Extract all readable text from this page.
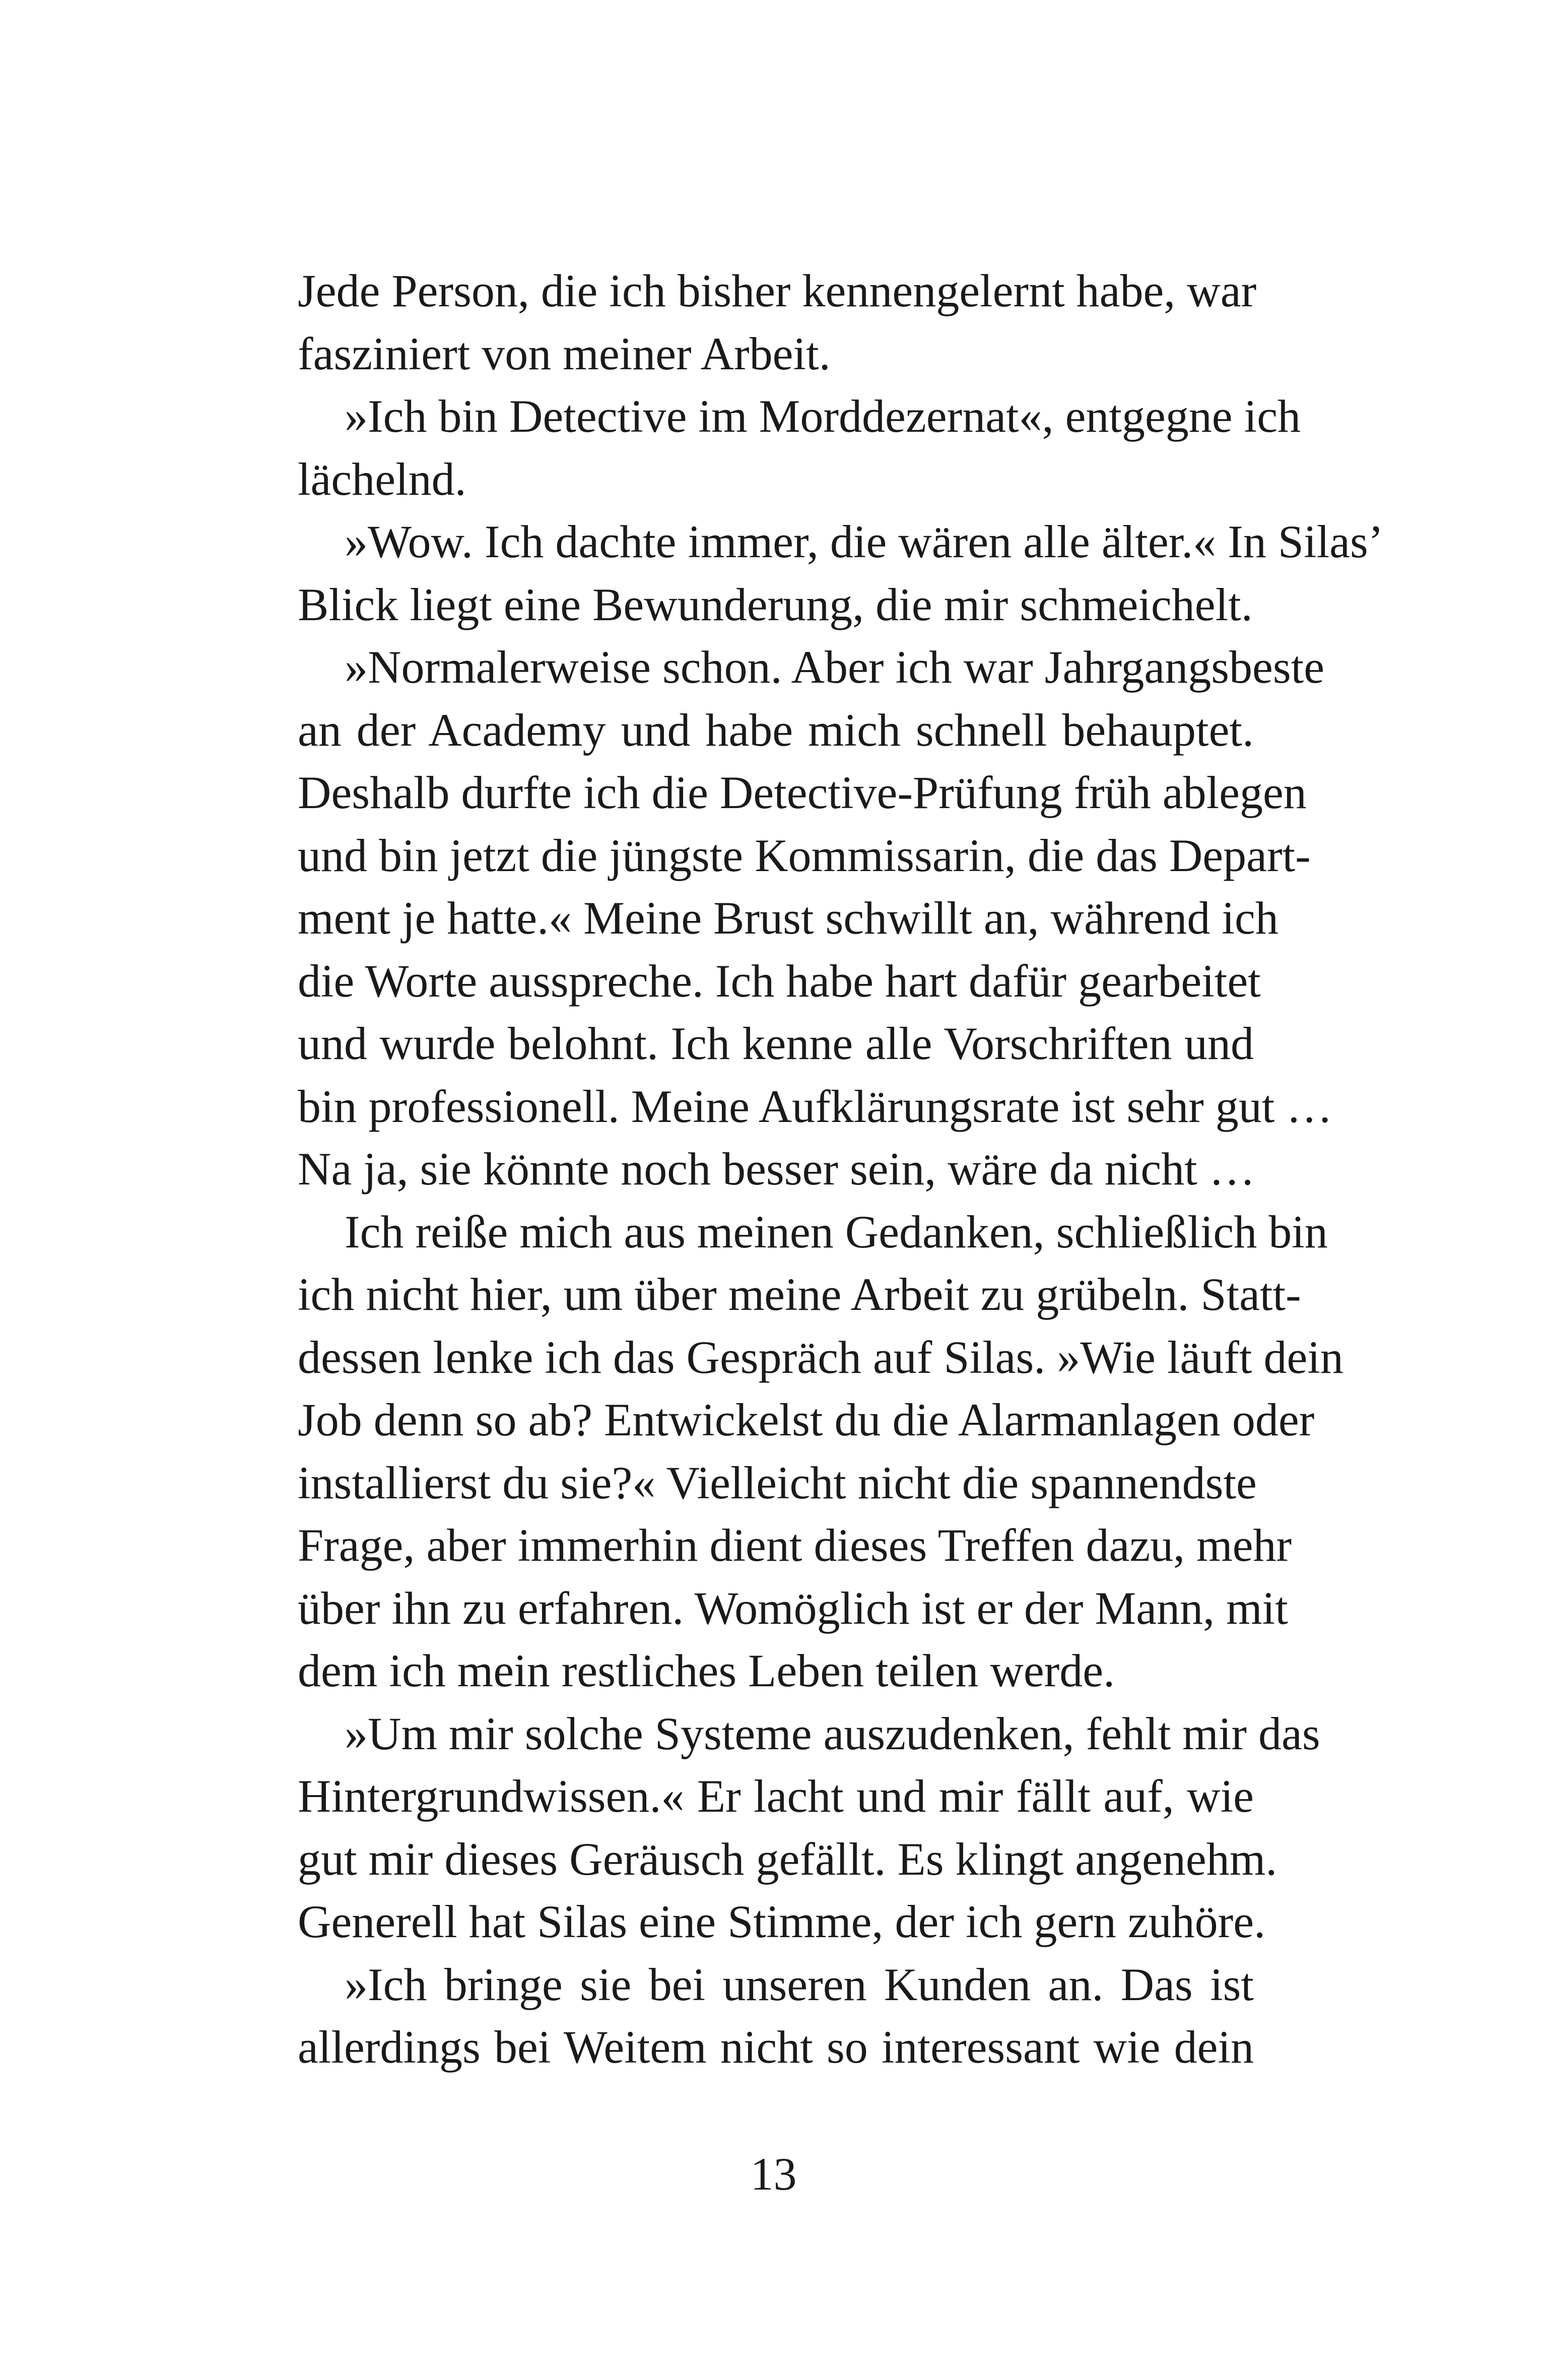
Jede Person, die ich bisher kennengelernt habe, war
fasziniert von meiner Arbeit.
»Ich bin Detective im Morddezernat«, entgegne ich
lächelnd.
»Wow. Ich dachte immer, die wären alle älter.« In Silas’
Blick liegt eine Bewunderung, die mir schmeichelt.
»Normalerweise schon. Aber ich war Jahrgangsbeste
an der Academy und habe mich schnell behauptet.
Deshalb durfte ich die Detective-Prüfung früh ablegen
und bin jetzt die jüngste Kommissarin, die das Depart-
ment je hatte.« Meine Brust schwillt an, während ich
die Worte ausspreche. Ich habe hart dafür gearbeitet
und wurde belohnt. Ich kenne alle Vorschriften und
bin professionell. Meine Aufklärungsrate ist sehr gut …
Na ja, sie könnte noch besser sein, wäre da nicht …
Ich reiße mich aus meinen Gedanken, schließlich bin
ich nicht hier, um über meine Arbeit zu grübeln. Statt-
dessen lenke ich das Gespräch auf Silas. »Wie läuft dein
Job denn so ab? Entwickelst du die Alarmanlagen oder
installierst du sie?« Vielleicht nicht die spannendste
Frage, aber immerhin dient dieses Treffen dazu, mehr
über ihn zu erfahren. Womöglich ist er der Mann, mit
dem ich mein restliches Leben teilen werde.
»Um mir solche Systeme auszudenken, fehlt mir das
Hintergrundwissen.« Er lacht und mir fällt auf, wie
gut mir dieses Geräusch gefällt. Es klingt angenehm.
Generell hat Silas eine Stimme, der ich gern zuhöre.
»Ich bringe sie bei unseren Kunden an. Das ist
allerdings bei Weitem nicht so interessant wie dein
13
